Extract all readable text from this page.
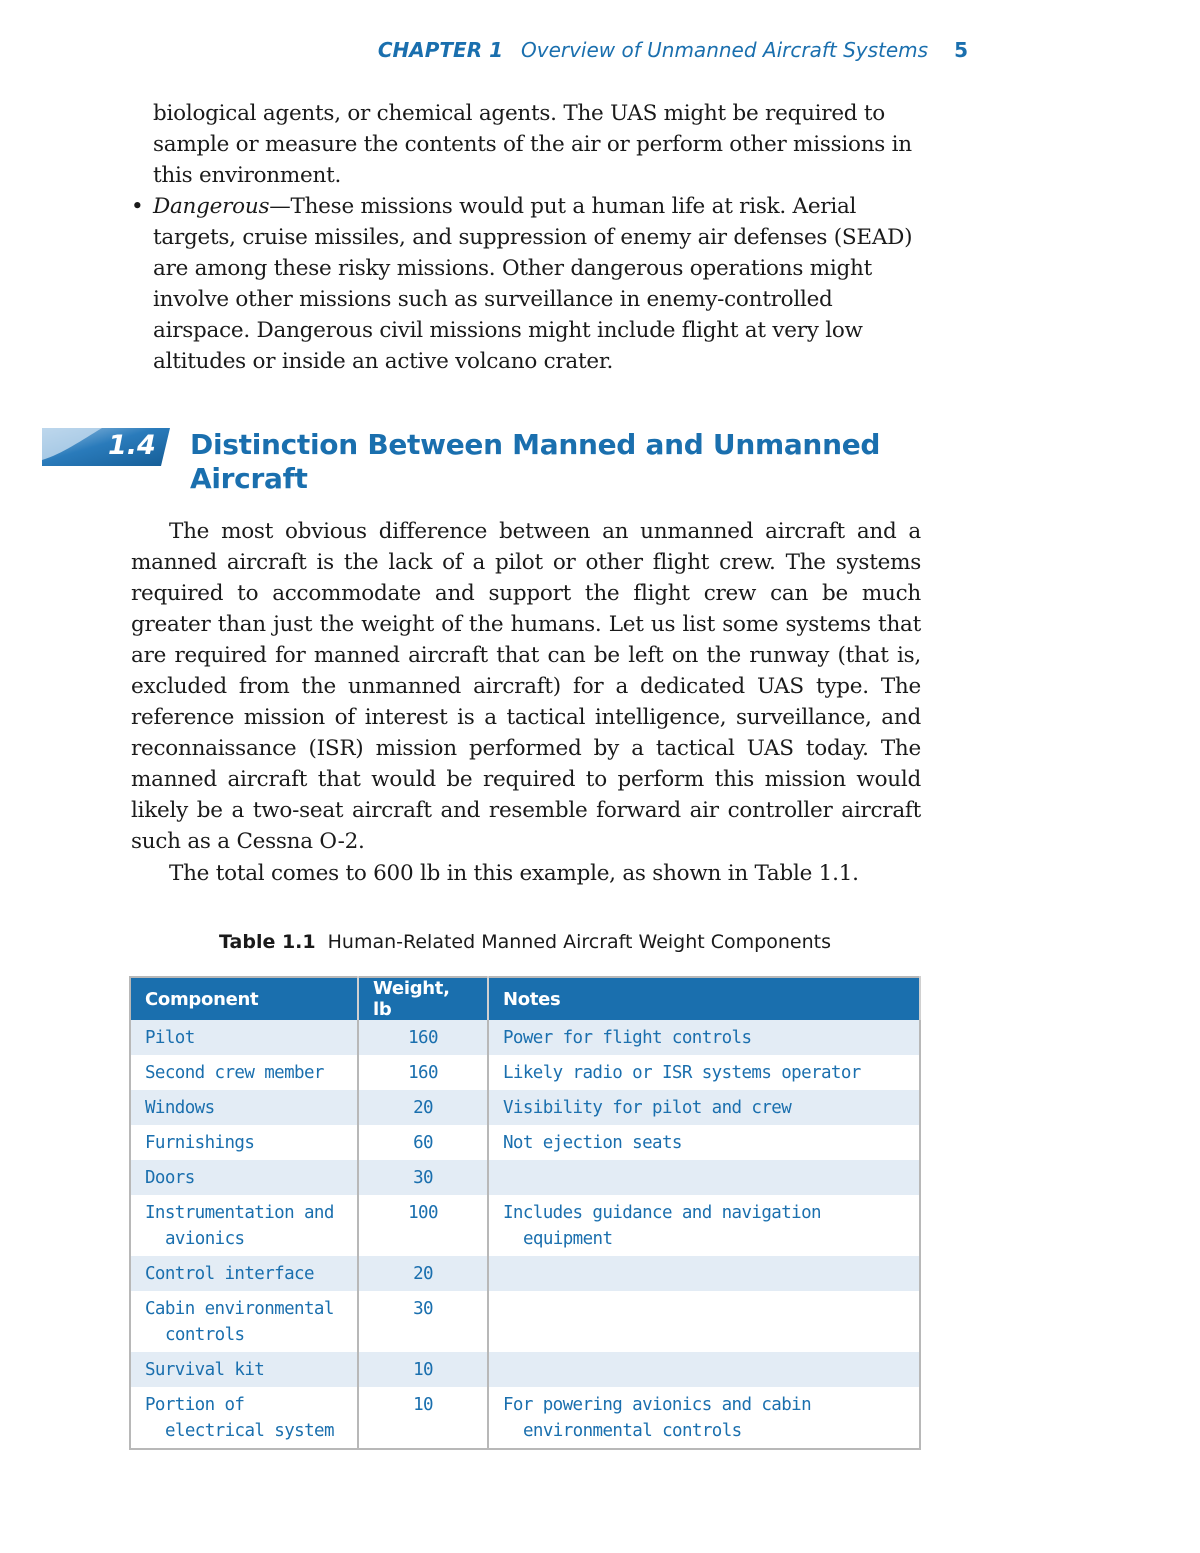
CHAPTER 1 Overview of Unmanned Aircraft Systems 5
biological agents, or chemical agents. The UAS might be required to sample or measure the contents of the air or perform other missions in this environment.
• Dangerous—These missions would put a human life at risk. Aerial targets, cruise missiles, and suppression of enemy air defenses (SEAD) are among these risky missions. Other dangerous operations might involve other missions such as surveillance in enemy-controlled airspace. Dangerous civil missions might include flight at very low altitudes or inside an active volcano crater.
1.4 Distinction Between Manned and Unmanned Aircraft
The most obvious difference between an unmanned aircraft and a manned aircraft is the lack of a pilot or other flight crew. The systems required to accommodate and support the flight crew can be much greater than just the weight of the humans. Let us list some systems that are required for manned aircraft that can be left on the runway (that is, excluded from the unmanned aircraft) for a dedicated UAS type. The reference mission of interest is a tactical intelligence, surveillance, and reconnaissance (ISR) mission performed by a tactical UAS today. The manned aircraft that would be required to perform this mission would likely be a two-seat aircraft and resemble forward air controller aircraft such as a Cessna O-2.
The total comes to 600 lb in this example, as shown in Table 1.1.
Table 1.1 Human-Related Manned Aircraft Weight Components
Component	Weight, lb	Notes
Pilot	160	Power for flight controls
Second crew member	160	Likely radio or ISR systems operator
Windows	20	Visibility for pilot and crew
Furnishings	60	Not ejection seats
Doors	30	
Instrumentation and avionics	100	Includes guidance and navigation equipment
Control interface	20	
Cabin environmental controls	30	
Survival kit	10	
Portion of electrical system	10	For powering avionics and cabin environmental controls
